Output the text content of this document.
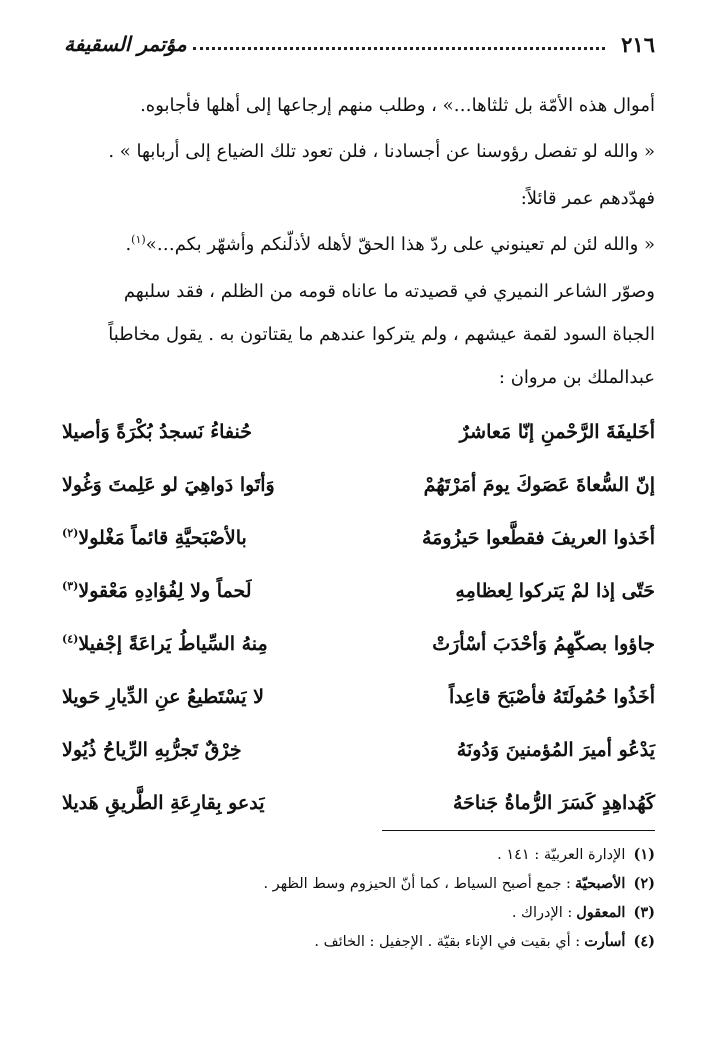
٢١٦
مؤتمر السقيفة
أموال هذه الأمّة بل ثلثاها…» ، وطلب منهم إرجاعها إلى أهلها فأجابوه.
« والله لو تفصل رؤوسنا عن أجسادنا ، فلن تعود تلك الضياع إلى أربابها » .
فهدّدهم عمر قائلاً:
« والله لئن لم تعينوني على ردّ هذا الحقّ لأهله لأذلّنكم وأشهّر بكم…»$^{(١)}$.
وصوّر الشاعر النميري في قصيدته ما عاناه قومه من الظلم ، فقد سلبهم
الجباة السود لقمة عيشهم ، ولم يتركوا عندهم ما يقتاتون به . يقول مخاطباً
عبدالملك بن مروان :
أخَليفَةَ الرَّحْمنِ إنّا مَعاشرٌ
حُنفاءُ نَسجدُ بُكْرَةً وَأصيلا
إنّ السُّعاةَ عَصَوكَ يومَ أمَرْتَهُمْ
وَأتَوا دَواهِيَ لو عَلِمتَ وَغُولا
أخَذوا العريفَ فقطَّعوا حَيزُومَهُ
بالأصْبَحيَّةِ قائماً مَغْلولا$^{(٢)}$
حَتّى إذا لمْ يَتركوا لِعظامِهِ
لَحماً ولا لِفُؤادِهِ مَعْقولا$^{(٣)}$
جاؤوا بصكّهِمُ وَأحْدَبَ أسْأرَتْ
مِنهُ السِّياطُ يَراعَةً إجْفيلا$^{(٤)}$
أخَذُوا حُمُولَتَهُ فأصْبَحَ قاعِداً
لا يَسْتَطيعُ عنِ الدِّيارِ حَويلا
يَدْعُو أميرَ المُؤمنينَ وَدُونَهُ
خِرْقٌ تَجرُّبِهِ الرِّياحُ ذُيُولا
كَهُداهِدٍ كَسَرَ الرُّماةُ جَناحَهُ
يَدعو بِقارِعَةِ الطَّريقِ هَديلا
(١)
الإدارة العربيّة : ١٤١ .
(٢)
الأصبحيّة
: جمع أصبح السياط ، كما أنّ الحيزوم وسط الظهر .
(٣)
المعقول
: الإدراك .
(٤)
أسأرت
: أي بقيت في الإناء بقيّة . الإجفيل : الخائف .
